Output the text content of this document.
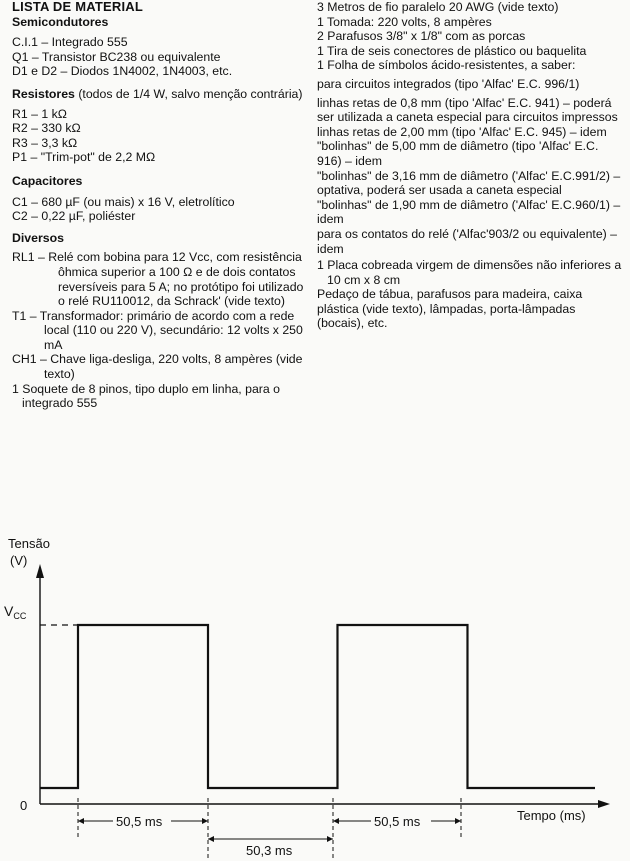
LISTA DE MATERIAL
Semicondutores
C.I.1 – Integrado 555
Q1 – Transistor BC238 ou equivalente
D1 e D2 – Diodos 1N4002, 1N4003, etc.
Resistores (todos de 1/4 W, salvo menção contrária)
R1 – 1 kΩ
R2 – 330 kΩ
R3 – 3,3 kΩ
P1 – "Trim-pot" de 2,2 MΩ
Capacitores
C1 – 680 µF (ou mais) x 16 V, eletrolítico
C2 – 0,22 µF, poliéster
Diversos
RL1 – Relé com bobina para 12 Vcc, com resistência ôhmica superior a 100 Ω e de dois contatos reversíveis para 5 A; no protótipo foi utilizado o relé RU110012, da Schrack' (vide texto)
T1 – Transformador: primário de acordo com a rede local (110 ou 220 V), secundário: 12 volts x 250 mA
CH1 – Chave liga-desliga, 220 volts, 8 ampères (vide texto)
1 Soquete de 8 pinos, tipo duplo em linha, para o integrado 555
3 Metros de fio paralelo 20 AWG (vide texto)
1 Tomada: 220 volts, 8 ampères
2 Parafusos 3/8" x 1/8" com as porcas
1 Tira de seis conectores de plástico ou baquelita
1 Folha de símbolos ácido-resistentes, a saber:
para circuitos integrados (tipo 'Alfac' E.C. 996/1)
linhas retas de 0,8 mm (tipo 'Alfac' E.C. 941) – poderá ser utilizada a caneta especial para circuitos impressos
linhas retas de 2,00 mm (tipo 'Alfac' E.C. 945) – idem
"bolinhas" de 5,00 mm de diâmetro (tipo 'Alfac' E.C. 916) – idem
"bolinhas" de 3,16 mm de diâmetro ('Alfac' E.C.991/2) – optativa, poderá ser usada a caneta especial
"bolinhas" de 1,90 mm de diâmetro ('Alfac' E.C.960/1) – idem
para os contatos do relé ('Alfac'903/2 ou equivalente) – idem
1 Placa cobreada virgem de dimensões não inferiores a 10 cm x 8 cm
Pedaço de tábua, parafusos para madeira, caixa plástica (vide texto), lâmpadas, porta-lâmpadas (bocais), etc.
Tensão
(V)
$V_{CC}$
0
Tempo (ms)
50,5 ms
50,3 ms
50,5 ms
